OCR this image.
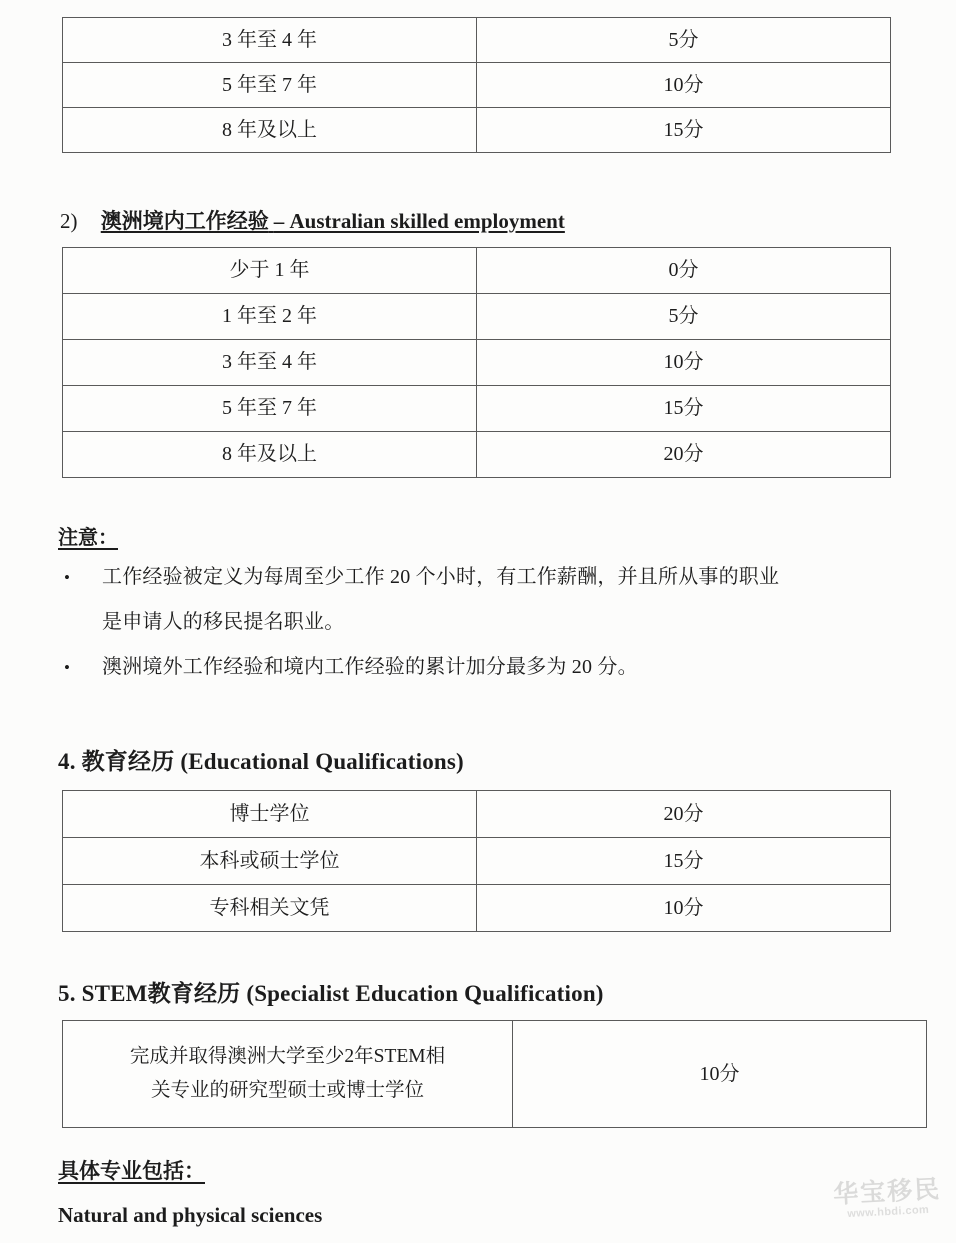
3 年至 4 年	5分
5 年至 7 年	10分
8 年及以上	15分
2) 澳洲境内工作经验 – Australian skilled employment
少于 1 年	0分
1 年至 2 年	5分
3 年至 4 年	10分
5 年至 7 年	15分
8 年及以上	20分
注意：
• 工作经验被定义为每周至少工作 20 个小时，有工作薪酬，并且所从事的职业
是申请人的移民提名职业。
• 澳洲境外工作经验和境内工作经验的累计加分最多为 20 分。
4. 教育经历 (Educational Qualifications)
博士学位	20分
本科或硕士学位	15分
专科相关文凭	10分
5. STEM教育经历 (Specialist Education Qualification)
完成并取得澳洲大学至少2年STEM相
关专业的研究型硕士或博士学位
	10分
具体专业包括：
Natural and physical sciences
华宝移民
www.hbdi.com
